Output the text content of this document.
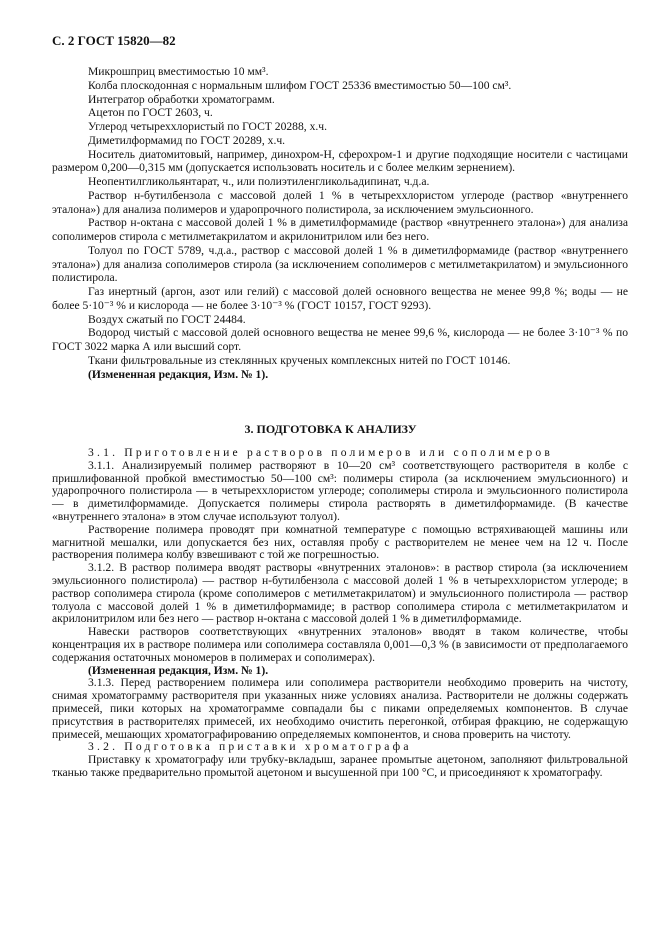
С. 2 ГОСТ 15820—82

Микрошприц вместимостью 10 мм³.

Колба плоскодонная с нормальным шлифом ГОСТ 25336 вместимостью 50—100 см³.

Интегратор обработки хроматограмм.

Ацетон по ГОСТ 2603, ч.

Углерод четыреххлористый по ГОСТ 20288, х.ч.

Диметилформамид по ГОСТ 20289, х.ч.

Носитель диатомитовый, например, динохром-Н, сферохром-1 и другие подходящие носители с частицами размером 0,200—0,315 мм (допускается использовать носитель и с более мелким зернением).

Неопентилгликольянтарат, ч., или полиэтиленгликольадипинат, ч.д.а.

Раствор н-бутилбензола с массовой долей 1 % в четыреххлористом углероде (раствор «внутреннего эталона») для анализа полимеров и ударопрочного полистирола, за исключением эмульсионного.

Раствор н-октана с массовой долей 1 % в диметилформамиде (раствор «внутреннего эталона») для анализа сополимеров стирола с метилметакрилатом и акрилонитрилом или без него.

Толуол по ГОСТ 5789, ч.д.а., раствор с массовой долей 1 % в диметилформамиде (раствор «внутреннего эталона») для анализа сополимеров стирола (за исключением сополимеров с метилметакрилатом) и эмульсионного полистирола.

Газ инертный (аргон, азот или гелий) с массовой долей основного вещества не менее 99,8 %; воды — не более 5·10⁻³ % и кислорода — не более 3·10⁻³ % (ГОСТ 10157, ГОСТ 9293).

Воздух сжатый по ГОСТ 24484.

Водород чистый с массовой долей основного вещества не менее 99,6 %, кислорода — не более 3·10⁻³ % по ГОСТ 3022 марка А или высший сорт.

Ткани фильтровальные из стеклянных крученых комплексных нитей по ГОСТ 10146.

(Измененная редакция, Изм. № 1).

3. ПОДГОТОВКА К АНАЛИЗУ

3.1. Приготовление растворов полимеров или сополимеров

3.1.1. Анализируемый полимер растворяют в 10—20 см³ соответствующего растворителя в колбе с пришлифованной пробкой вместимостью 50—100 см³: полимеры стирола (за исключением эмульсионного) и ударопрочного полистирола — в четыреххлористом углероде; сополимеры стирола и эмульсионного полистирола — в диметилформамиде. Допускается полимеры стирола растворять в диметилформамиде. (В качестве «внутреннего эталона» в этом случае используют толуол).

Растворение полимера проводят при комнатной температуре с помощью встряхивающей машины или магнитной мешалки, или допускается без них, оставляя пробу с растворителем не менее чем на 12 ч. После растворения полимера колбу взвешивают с той же погрешностью.

3.1.2. В раствор полимера вводят растворы «внутренних эталонов»: в раствор стирола (за исключением эмульсионного полистирола) — раствор н-бутилбензола с массовой долей 1 % в четыреххлористом углероде; в раствор сополимера стирола (кроме сополимеров с метилметакрилатом) и эмульсионного полистирола — раствор толуола с массовой долей 1 % в диметилформамиде; в раствор сополимера стирола с метилметакрилатом и акрилонитрилом или без него — раствор н-октана с массовой долей 1 % в диметилформамиде.

Навески растворов соответствующих «внутренних эталонов» вводят в таком количестве, чтобы концентрация их в растворе полимера или сополимера составляла 0,001—0,3 % (в зависимости от предполагаемого содержания остаточных мономеров в полимерах и сополимерах).

(Измененная редакция, Изм. № 1).

3.1.3. Перед растворением полимера или сополимера растворители необходимо проверить на чистоту, снимая хроматограмму растворителя при указанных ниже условиях анализа. Растворители не должны содержать примесей, пики которых на хроматограмме совпадали бы с пиками определяемых компонентов. В случае присутствия в растворителях примесей, их необходимо очистить перегонкой, отбирая фракцию, не содержащую примесей, мешающих хроматографированию определяемых компонентов, и снова проверить на чистоту.

3.2. Подготовка приставки хроматографа

Приставку к хроматографу или трубку-вкладыш, заранее промытые ацетоном, заполняют фильтровальной тканью также предварительно промытой ацетоном и высушенной при 100 °С, и присоединяют к хроматографу.
